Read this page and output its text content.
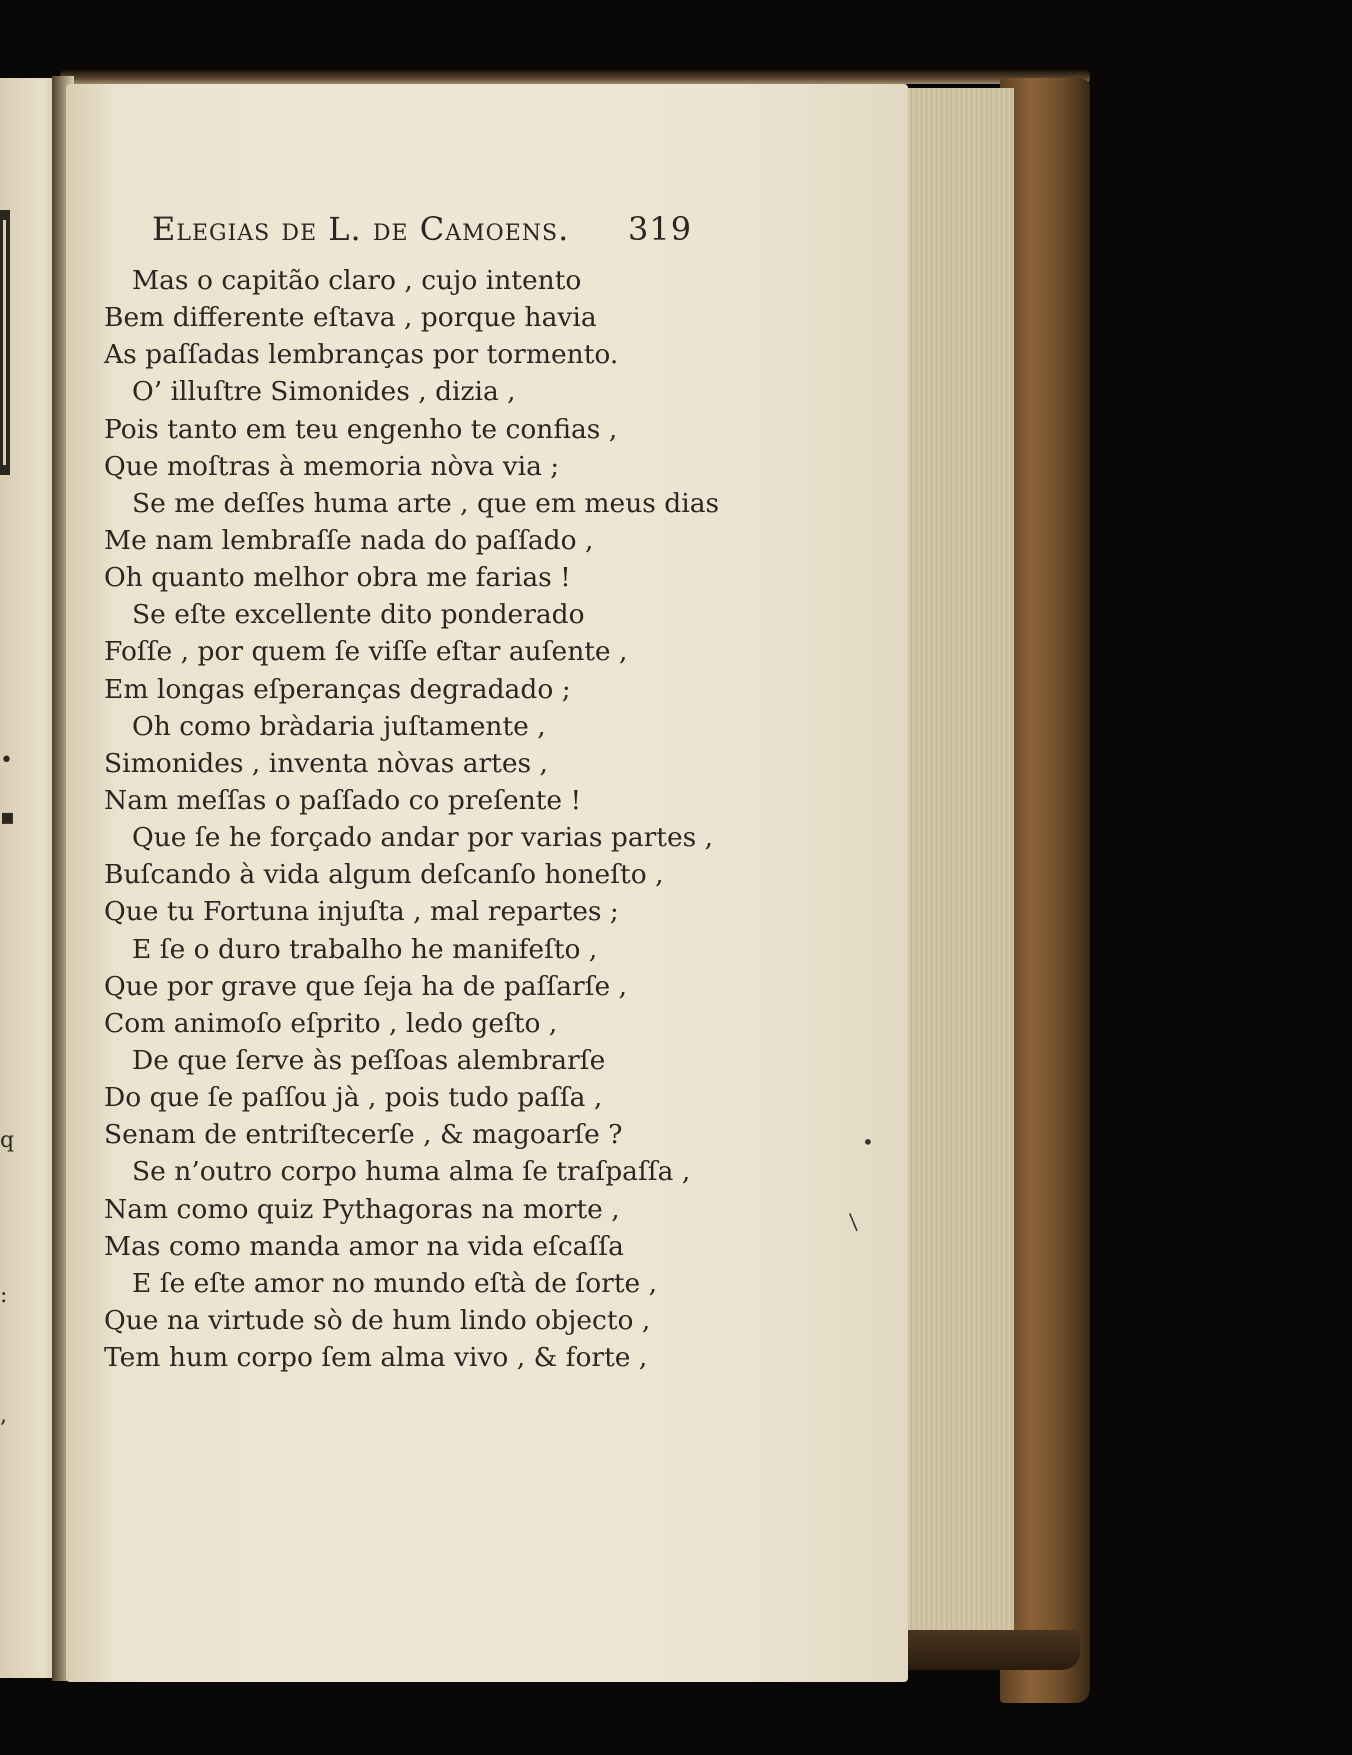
•
▪
q
:
,
Elegias de L. de Camoens. 319
Mas o capitão claro , cujo intento
Bem differente eſtava , porque havia
As paſſadas lembranças por tormento.
O’ illuſtre Simonides , dizia ,
Pois tanto em teu engenho te confias ,
Que moſtras à memoria nòva via ;
Se me deſſes huma arte , que em meus dias
Me nam lembraſſe nada do paſſado ,
Oh quanto melhor obra me farias !
Se eſte excellente dito ponderado
Foſſe , por quem ſe viſſe eſtar auſente ,
Em longas eſperanças degradado ;
Oh como bràdaria juſtamente ,
Simonides , inventa nòvas artes ,
Nam meſſas o paſſado co preſente !
Que ſe he forçado andar por varias partes ,
Buſcando à vida algum deſcanſo honeſto ,
Que tu Fortuna injuſta , mal repartes ;
E ſe o duro trabalho he manifeſto ,
Que por grave que ſeja ha de paſſarſe ,
Com animoſo eſprito , ledo geſto ,
De que ſerve às peſſoas alembrarſe
Do que ſe paſſou jà , pois tudo paſſa ,
Senam de entriſtecerſe , & magoarſe ?
Se n’outro corpo huma alma ſe traſpaſſa ,
Nam como quiz Pythagoras na morte ,
Mas como manda amor na vida eſcaſſa
E ſe eſte amor no mundo eſtà de ſorte ,
Que na virtude sò de hum lindo objecto ,
Tem hum corpo ſem alma vivo , & forte ,
•
/
